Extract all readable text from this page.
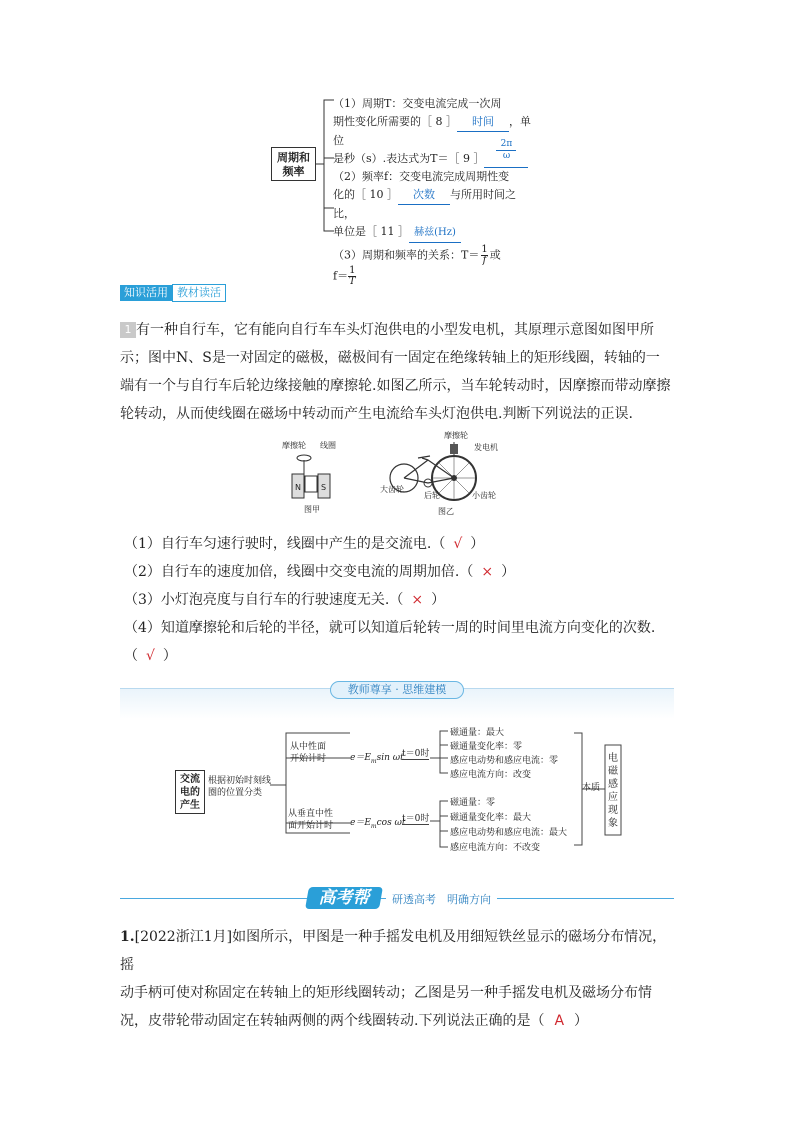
周期和
频率
（1）周期T：交变电流完成一次周
期性变化所需要的［ 8 ］ 时间 ，单位
是秒（s）.表达式为T＝［ 9 ］ $\frac{2\pi}{\omega}$
（2）频率f：交变电流完成周期性变
化的［ 10 ］ 次数 与所用时间之比，
单位是［ 11 ］ 赫兹(Hz)
（3）周期和频率的关系：$T= \frac{1}{f}$ 或
$f= \frac{1}{T}$
知识活用 教材读活
1 有一种自行车，它有能向自行车车头灯泡供电的小型发电机，其原理示意图如图甲所
示；图中N、S是一对固定的磁极，磁极间有一固定在绝缘转轴上的矩形线圈，转轴的一
端有一个与自行车后轮边缘接触的摩擦轮.如图乙所示，当车轮转动时，因摩擦而带动摩擦
轮转动，从而使线圈在磁场中转动而产生电流给车头灯泡供电.判断下列说法的正误.
摩擦轮 线圈
N	S
图甲
摩擦轮
发电机
大齿轮
后轮	小齿轮
图乙
（1）自行车匀速行驶时，线圈中产生的是交流电.（ √ ）
（2）自行车的速度加倍，线圈中交变电流的周期加倍.（ × ）
（3）小灯泡亮度与自行车的行驶速度无关.（ × ）
（4）知道摩擦轮和后轮的半径，就可以知道后轮转一周的时间里电流方向变化的次数.
（ √ ）
教师尊享 · 思维建模
交流
电的
产生
根据初始时刻线
圈的位置分类
从中性面
开始计时
从垂直中性
面开始计时
$e=E_m\sin$ ωt
$e=E_m\cos$ ωt
t＝0时
t＝0时
磁通量：最大
磁通量变化率：零
感应电动势和感应电流：零
感应电流方向：改变
磁通量：零
磁通量变化率：最大
感应电动势和感应电流：最大
感应电流方向：不改变
本质
电磁感应现象
高考帮	研透高考　明确方向
1.[2022浙江1月]如图所示，甲图是一种手摇发电机及用细短铁丝显示的磁场分布情况，摇
动手柄可使对称固定在转轴上的矩形线圈转动；乙图是另一种手摇发电机及磁场分布情
况，皮带轮带动固定在转轴两侧的两个线圈转动.下列说法正确的是（ A ）
